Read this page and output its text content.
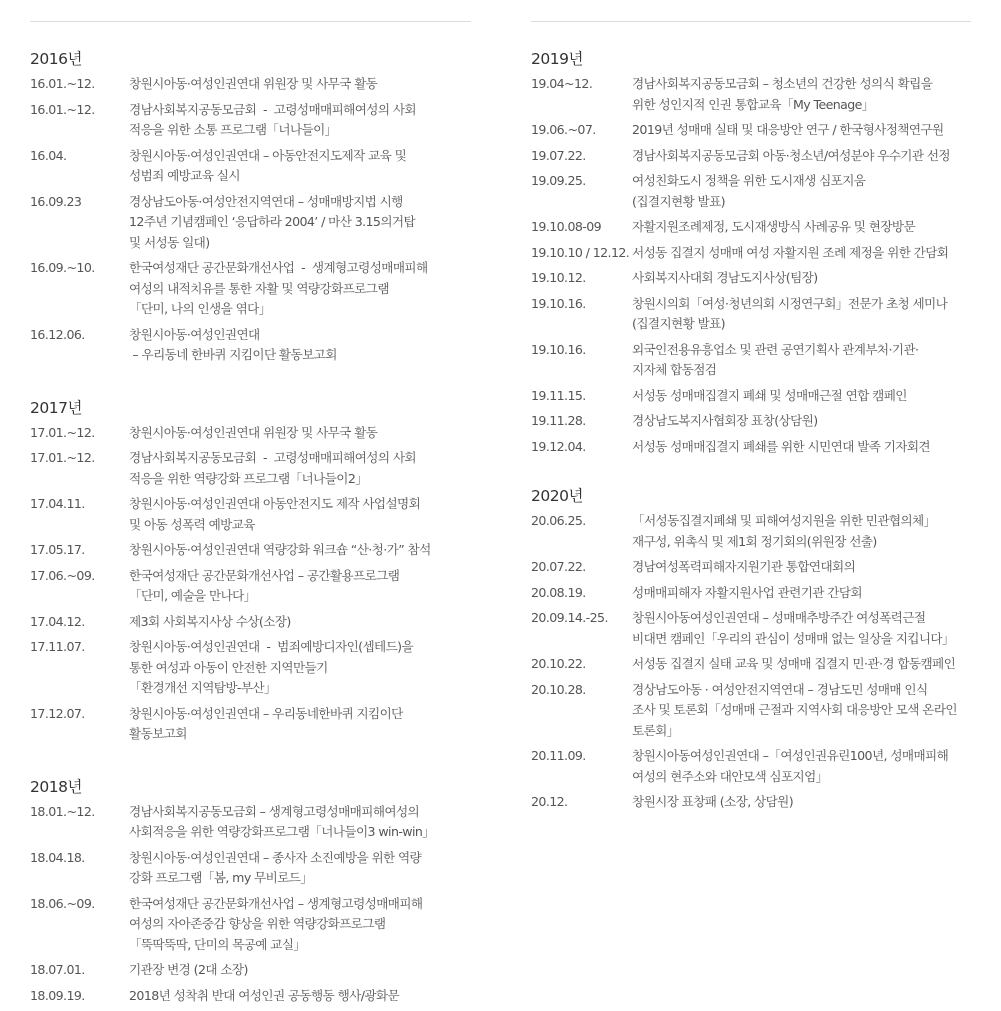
2016년
16.01.~12.	창원시아동·여성인권연대 위원장 및 사무국 활동
16.01.~12.	경남사회복지공동모금회  -  고령성매매피해여성의 사회
적응을 위한 소통 프로그램「너나들이」
16.04.	창원시아동·여성인권연대 – 아동안전지도제작 교육 및
성범죄 예방교육 실시
16.09.23	경상남도아동·여성안전지역연대 – 성매매방지법 시행
12주년 기념캠페인 ‘응답하라 2004’ / 마산 3.15의거탑
및 서성동 일대)
16.09.~10.	한국여성재단 공간문화개선사업  -  생계형고령성매매피해
여성의 내적치유를 통한 자활 및 역량강화프로그램
「단미, 나의 인생을 엮다」
16.12.06.	창원시아동·여성인권연대
– 우리동네 한바퀴 지킴이단 활동보고회
2017년
17.01.~12.	창원시아동·여성인권연대 위원장 및 사무국 활동
17.01.~12.	경남사회복지공동모금회  -  고령성매매피해여성의 사회
적응을 위한 역량강화 프로그램「너나들이2」
17.04.11.	창원시아동·여성인권연대 아동안전지도 제작 사업설명회
및 아동 성폭력 예방교육
17.05.17.	창원시아동·여성인권연대 역량강화 워크숍 “산·청·가” 참석
17.06.~09.	한국여성재단 공간문화개선사업 – 공간활용프로그램
「단미, 예술을 만나다」
17.04.12.	제3회 사회복지사상 수상(소장)
17.11.07.	창원시아동·여성인권연대  -  범죄예방디자인(셉테드)을
통한 여성과 아동이 안전한 지역만들기
「환경개선 지역탐방-부산」
17.12.07.	창원시아동·여성인권연대 – 우리동네한바퀴 지킴이단
활동보고회
2018년
18.01.~12.	경남사회복지공동모금회 – 생계형고령성매매피해여성의
사회적응을 위한 역량강화프로그램「너나들이3 win-win」
18.04.18.	창원시아동·여성인권연대 – 종사자 소진예방을 위한 역량
강화 프로그램「봄, my 무비로드」
18.06.~09.	한국여성재단 공간문화개선사업 – 생계형고령성매매피해
여성의 자아존중감 향상을 위한 역량강화프로그램
「뚝딱뚝딱, 단미의 목공예 교실」
18.07.01.	기관장 변경 (2대 소장)
18.09.19.	2018년 성착취 반대 여성인권 공동행동 행사/광화문
2019년
19.04~12.	경남사회복지공동모금회 – 청소년의 건강한 성의식 확립을
위한 성인지적 인권 통합교육「My Teenage」
19.06.~07.	2019년 성매매 실태 및 대응방안 연구 / 한국형사정책연구원
19.07.22.	경남사회복지공동모금회 아동·청소년/여성분야 우수기관 선정
19.09.25.	여성친화도시 정책을 위한 도시재생 심포지움
(집결지현황 발표)
19.10.08-09	자활지원조례제정, 도시재생방식 사례공유 및 현장방문
19.10.10 / 12.12. 서성동 집결지 성매매 여성 자활지원 조례 제정을 위한 간담회
19.10.12.	사회복지사대회 경남도지사상(팀장)
19.10.16.	창원시의회「여성·청년의회 시정연구회」전문가 초청 세미나
(집결지현황 발표)
19.10.16.	외국인전용유흥업소 및 관련 공연기획사 관계부처·기관·
지자체 합동점검
19.11.15.	서성동 성매매집결지 폐쇄 및 성매매근절 연합 캠페인
19.11.28.	경상남도복지사협회장 표창(상담원)
19.12.04.	서성동 성매매집결지 폐쇄를 위한 시민연대 발족 기자회견
2020년
20.06.25.	「서성동집결지폐쇄 및 피해여성지원을 위한 민관협의체」
재구성, 위촉식 및 제1회 정기회의(위원장 선출)
20.07.22.	경남여성폭력피해자지원기관 통합연대회의
20.08.19.	성매매피해자 자활지원사업 관련기관 간담회
20.09.14.-25.	창원시아동여성인권연대 – 성매매추방주간 여성폭력근절
비대면 캠페인「우리의 관심이 성매매 없는 일상을 지킵니다」
20.10.22.	서성동 집결지 실태 교육 및 성매매 집결지 민·관·경 합동캠페인
20.10.28.	경상남도아동 · 여성안전지역연대 – 경남도민 성매매 인식
조사 및 토론회「성매매 근절과 지역사회 대응방안 모색 온라인
토론회」
20.11.09.	창원시아동여성인권연대 –「여성인권유린100년, 성매매피해
여성의 현주소와 대안모색 심포지엄」
20.12.	창원시장 표창패 (소장, 상담원)
